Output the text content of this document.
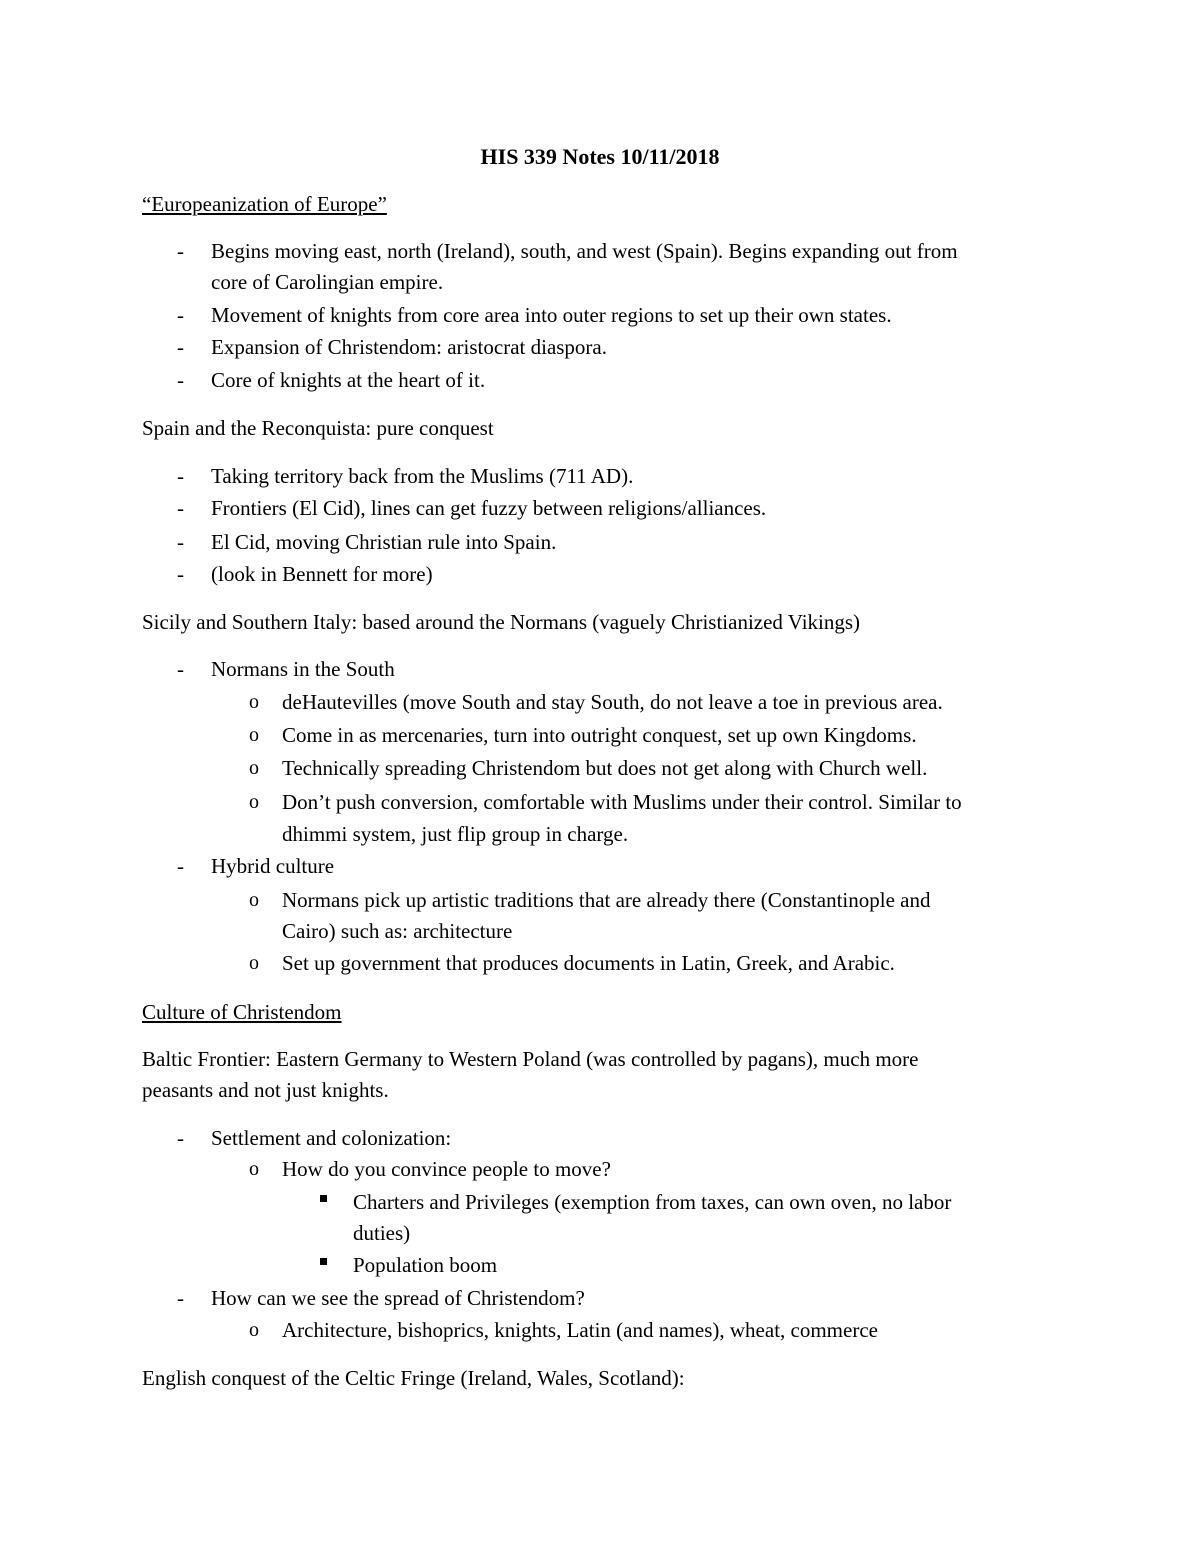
HIS 339 Notes 10/11/2018
“Europeanization of Europe”
- Begins moving east, north (Ireland), south, and west (Spain). Begins expanding out from
core of Carolingian empire.
- Movement of knights from core area into outer regions to set up their own states.
- Expansion of Christendom: aristocrat diaspora.
- Core of knights at the heart of it.
Spain and the Reconquista: pure conquest
- Taking territory back from the Muslims (711 AD).
- Frontiers (El Cid), lines can get fuzzy between religions/alliances.
- El Cid, moving Christian rule into Spain.
- (look in Bennett for more)
Sicily and Southern Italy: based around the Normans (vaguely Christianized Vikings)
- Normans in the South
o deHautevilles (move South and stay South, do not leave a toe in previous area.
o Come in as mercenaries, turn into outright conquest, set up own Kingdoms.
o Technically spreading Christendom but does not get along with Church well.
o Don’t push conversion, comfortable with Muslims under their control. Similar to
dhimmi system, just flip group in charge.
- Hybrid culture
o Normans pick up artistic traditions that are already there (Constantinople and
Cairo) such as: architecture
o Set up government that produces documents in Latin, Greek, and Arabic.
Culture of Christendom
Baltic Frontier: Eastern Germany to Western Poland (was controlled by pagans), much more
peasants and not just knights.
- Settlement and colonization:
o How do you convince people to move?
Charters and Privileges (exemption from taxes, can own oven, no labor
duties)
Population boom
- How can we see the spread of Christendom?
o Architecture, bishoprics, knights, Latin (and names), wheat, commerce
English conquest of the Celtic Fringe (Ireland, Wales, Scotland):
